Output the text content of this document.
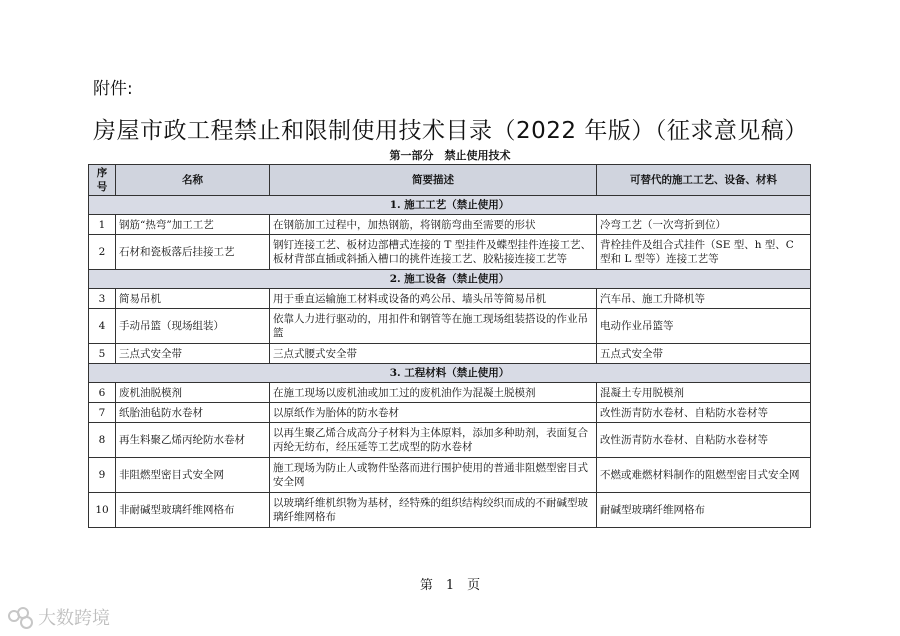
附件:
房屋市政工程禁止和限制使用技术目录（2022 年版）（征求意见稿）
第一部分　禁止使用技术
序号	名称	简要描述	可替代的施工工艺、设备、材料
1. 施工工艺（禁止使用）			
1	钢筋“热弯”加工工艺	在钢筋加工过程中，加热钢筋，将钢筋弯曲至需要的形状	冷弯工艺（一次弯折到位）
2	石材和瓷板落后挂接工艺	钢钉连接工艺、板材边部槽式连接的 T 型挂件及蝶型挂件连接工艺、板材背部直插或斜插入槽口的挑件连接工艺、胶粘接连接工艺等	背栓挂件及组合式挂件（SE 型、h 型、C 型和 L 型等）连接工艺等
2. 施工设备（禁止使用）			
3	简易吊机	用于垂直运输施工材料或设备的鸡公吊、墙头吊等简易吊机	汽车吊、施工升降机等
4	手动吊篮（现场组装）	依靠人力进行驱动的，用扣件和钢管等在施工现场组装搭设的作业吊篮	电动作业吊篮等
5	三点式安全带	三点式腰式安全带	五点式安全带
3. 工程材料（禁止使用）			
6	废机油脱模剂	在施工现场以废机油或加工过的废机油作为混凝土脱模剂	混凝土专用脱模剂
7	纸胎油毡防水卷材	以原纸作为胎体的防水卷材	改性沥青防水卷材、自粘防水卷材等
8	再生料聚乙烯丙纶防水卷材	以再生聚乙烯合成高分子材料为主体原料，添加多种助剂，表面复合丙纶无纺布，经压延等工艺成型的防水卷材	改性沥青防水卷材、自粘防水卷材等
9	非阻燃型密目式安全网	施工现场为防止人或物件坠落而进行围护使用的普通非阻燃型密目式安全网	不燃或难燃材料制作的阻燃型密目式安全网
10	非耐碱型玻璃纤维网格布	以玻璃纤维机织物为基材，经特殊的组织结构绞织而成的不耐碱型玻璃纤维网格布	耐碱型玻璃纤维网格布
第　1　页
大数跨境
